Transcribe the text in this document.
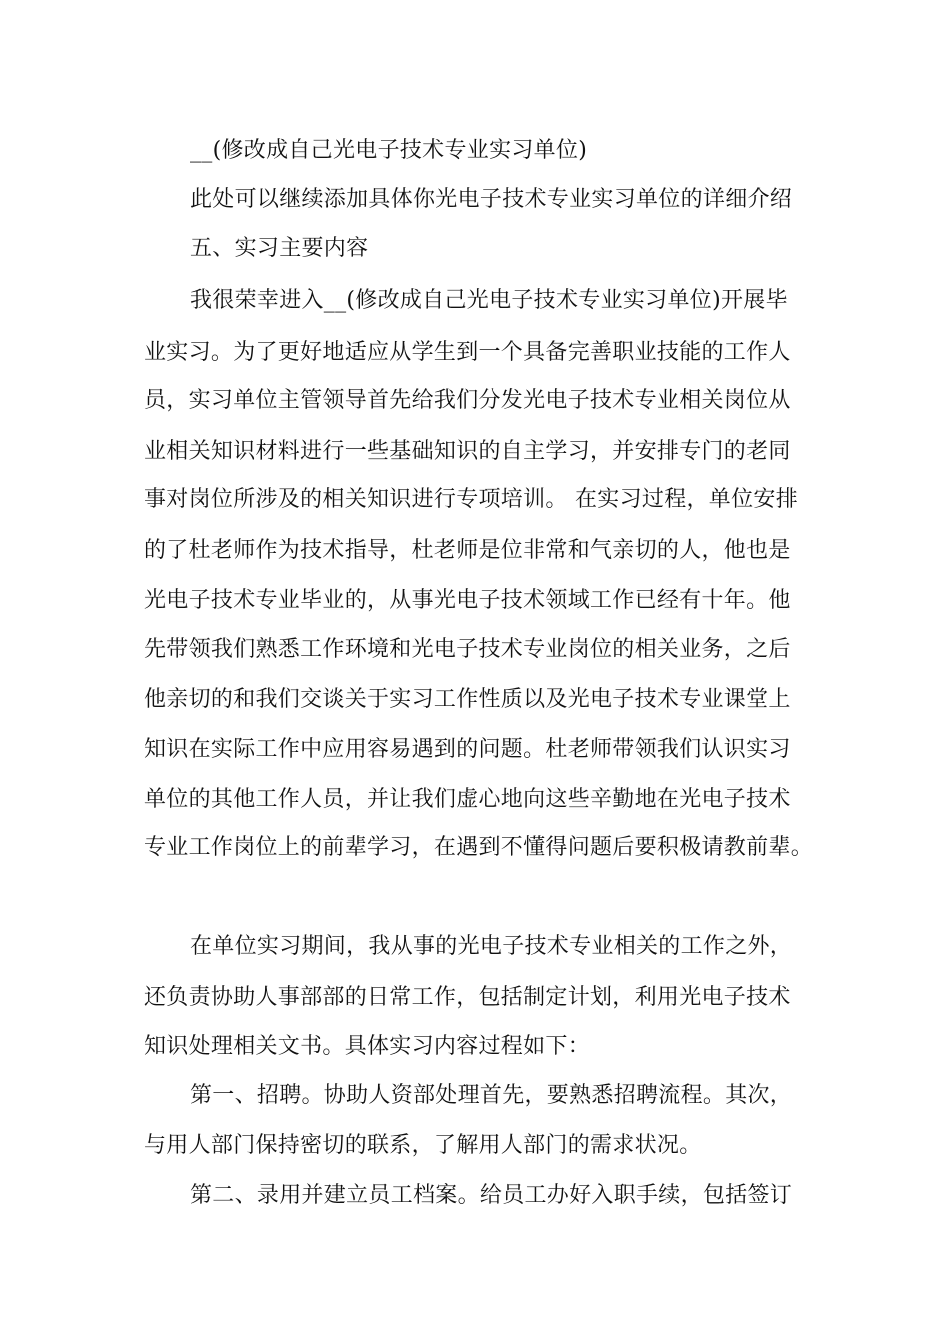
__(修改成自己光电子技术专业实习单位)

此处可以继续添加具体你光电子技术专业实习单位的详细介绍

五、实习主要内容

我很荣幸进入__(修改成自己光电子技术专业实习单位)开展毕

业实习。为了更好地适应从学生到一个具备完善职业技能的工作人

员，实习单位主管领导首先给我们分发光电子技术专业相关岗位从

业相关知识材料进行一些基础知识的自主学习，并安排专门的老同

事对岗位所涉及的相关知识进行专项培训。 在实习过程，单位安排

的了杜老师作为技术指导，杜老师是位非常和气亲切的人，他也是

光电子技术专业毕业的，从事光电子技术领域工作已经有十年。他

先带领我们熟悉工作环境和光电子技术专业岗位的相关业务，之后

他亲切的和我们交谈关于实习工作性质以及光电子技术专业课堂上

知识在实际工作中应用容易遇到的问题。杜老师带领我们认识实习

单位的其他工作人员，并让我们虚心地向这些辛勤地在光电子技术

专业工作岗位上的前辈学习，在遇到不懂得问题后要积极请教前辈。

在单位实习期间，我从事的光电子技术专业相关的工作之外，

还负责协助人事部部的日常工作，包括制定计划，利用光电子技术

知识处理相关文书。具体实习内容过程如下：

第一、招聘。协助人资部处理首先，要熟悉招聘流程。其次，

与用人部门保持密切的联系，了解用人部门的需求状况。

第二、录用并建立员工档案。给员工办好入职手续，包括签订
